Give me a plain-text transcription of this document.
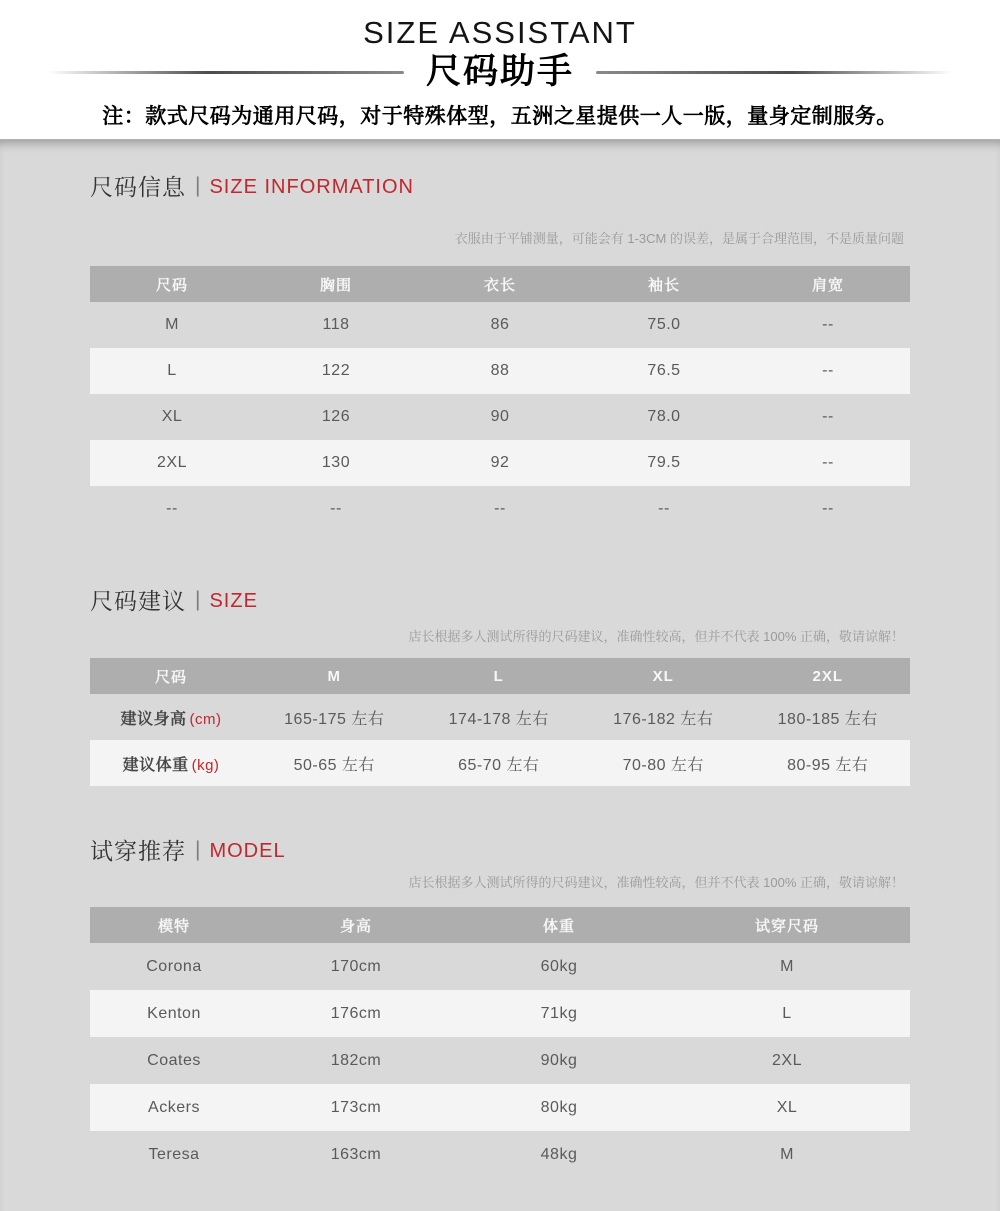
SIZE ASSISTANT
尺码助手
注：款式尺码为通用尺码，对于特殊体型，五洲之星提供一人一版，量身定制服务。
尺码信息 | SIZE INFORMATION
衣服由于平铺测量，可能会有 1-3CM 的误差，是属于合理范围，不是质量问题
尺码	胸围	衣长	袖长	肩宽
M	118	86	75.0	--
L	122	88	76.5	--
XL	126	90	78.0	--
2XL	130	92	79.5	--
--	--	--	--	--
尺码建议 | SIZE
店长根据多人测试所得的尺码建议，准确性较高，但并不代表 100% 正确，敬请谅解！
尺码	M	L	XL	2XL
建议身高 (cm)	165-175 左右	174-178 左右	176-182 左右	180-185 左右
建议体重 (kg)	50-65 左右	65-70 左右	70-80 左右	80-95 左右
试穿推荐 | MODEL
店长根据多人测试所得的尺码建议，准确性较高，但并不代表 100% 正确，敬请谅解！
模特	身高	体重	试穿尺码
Corona	170cm	60kg	M
Kenton	176cm	71kg	L
Coates	182cm	90kg	2XL
Ackers	173cm	80kg	XL
Teresa	163cm	48kg	M
